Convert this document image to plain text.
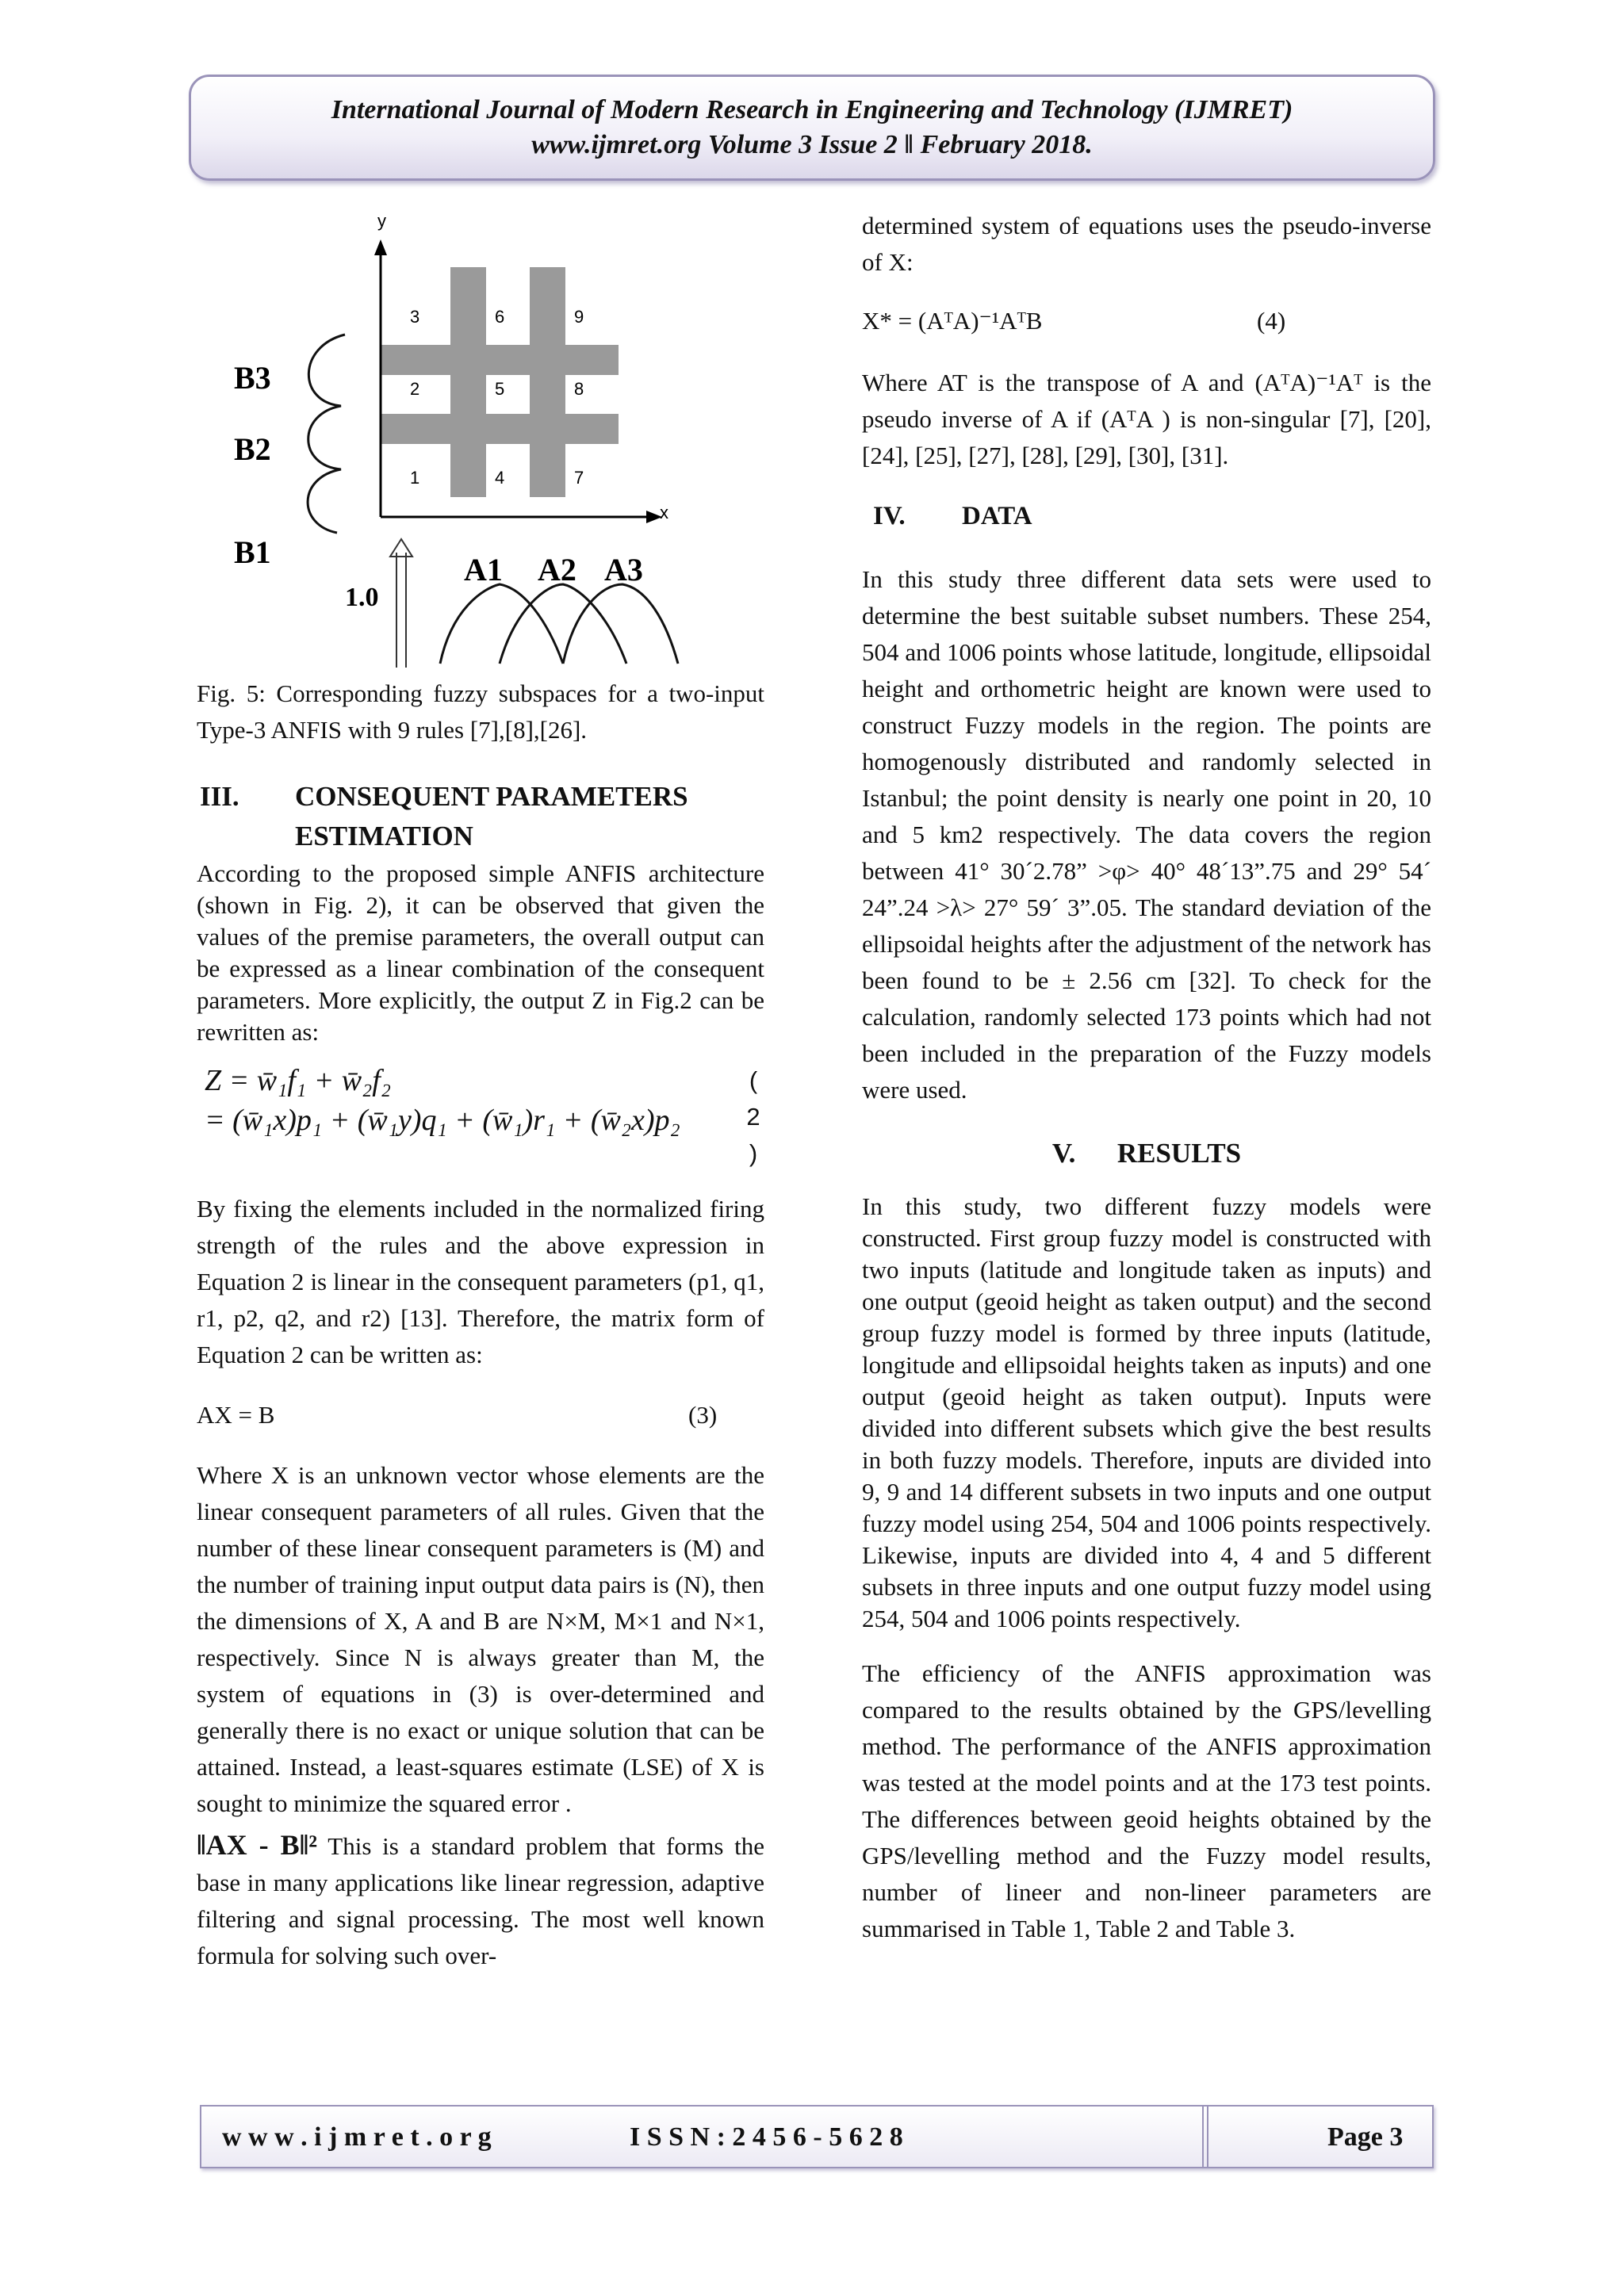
International Journal of Modern Research in Engineering and Technology (IJMRET)
www.ijmret.org Volume 3 Issue 2 ǁ February 2018.
y
x
3	6	9
2	5	8
1	4	7
B3
B2
B1
1.0
A1 A2 A3

Fig. 5: Corresponding fuzzy subspaces for a two-input Type-3 ANFIS with 9 rules [7],[8],[26].

III. CONSEQUENT PARAMETERS
ESTIMATION

According to the proposed simple ANFIS architecture (shown in Fig. 2), it can be observed that given the values of the premise parameters, the overall output can be expressed as a linear combination of the consequent parameters. More explicitly, the output Z in Fig.2 can be rewritten as:

Z = w̄₁f₁ + w̄₂f₂
= (w̄₁x)p₁ + (w̄₁y)q₁ + (w̄₁)r₁ + (w̄₂x)p₂
(
2
)

By fixing the elements included in the normalized firing strength of the rules and the above expression in Equation 2 is linear in the consequent parameters (p1, q1, r1, p2, q2, and r2) [13]. Therefore, the matrix form of Equation 2 can be written as:

AX = B	(3)

Where X is an unknown vector whose elements are the linear consequent parameters of all rules. Given that the number of these linear consequent parameters is (M) and the number of training input output data pairs is (N), then the dimensions of X, A and B are N×M, M×1 and N×1, respectively. Since N is always greater than M, the system of equations in (3) is over-determined and generally there is no exact or unique solution that can be attained. Instead, a least-squares estimate (LSE) of X is sought to minimize the squared error .

‖AX - B‖² This is a standard problem that forms the base in many applications like linear regression, adaptive filtering and signal processing. The most well known formula for solving such over-

determined system of equations uses the pseudo-inverse of X:

X* = (AᵀA)⁻¹AᵀB	(4)

Where AT is the transpose of A and (AᵀA)⁻¹Aᵀ is the pseudo inverse of A if (AᵀA ) is non-singular [7], [20], [24], [25], [27], [28], [29], [30], [31].

IV. DATA

In this study three different data sets were used to determine the best suitable subset numbers. These 254, 504 and 1006 points whose latitude, longitude, ellipsoidal height and orthometric height are known were used to construct Fuzzy models in the region. The points are homogenously distributed and randomly selected in Istanbul; the point density is nearly one point in 20, 10 and 5 km2 respectively. The data covers the region between 41° 30´2.78” >φ> 40° 48´13”.75 and 29° 54´ 24”.24 >λ> 27° 59´ 3”.05. The standard deviation of the ellipsoidal heights after the adjustment of the network has been found to be ± 2.56 cm [32]. To check for the calculation, randomly selected 173 points which had not been included in the preparation of the Fuzzy models were used.

V. RESULTS

In this study, two different fuzzy models were constructed. First group fuzzy model is constructed with two inputs (latitude and longitude taken as inputs) and one output (geoid height as taken output) and the second group fuzzy model is formed by three inputs (latitude, longitude and ellipsoidal heights taken as inputs) and one output (geoid height as taken output). Inputs were divided into different subsets which give the best results in both fuzzy models. Therefore, inputs are divided into 9, 9 and 14 different subsets in two inputs and one output fuzzy model using 254, 504 and 1006 points respectively. Likewise, inputs are divided into 4, 4 and 5 different subsets in three inputs and one output fuzzy model using 254, 504 and 1006 points respectively.

The efficiency of the ANFIS approximation was compared to the results obtained by the GPS/levelling method. The performance of the ANFIS approximation was tested at the model points and at the 173 test points. The differences between geoid heights obtained by the GPS/levelling method and the Fuzzy model results, number of lineer and non-lineer parameters are summarised in Table 1, Table 2 and Table 3.

w w w . i j m r e t . o r g	I S S N : 2 4 5 6 - 5 6 2 8	Page 3
